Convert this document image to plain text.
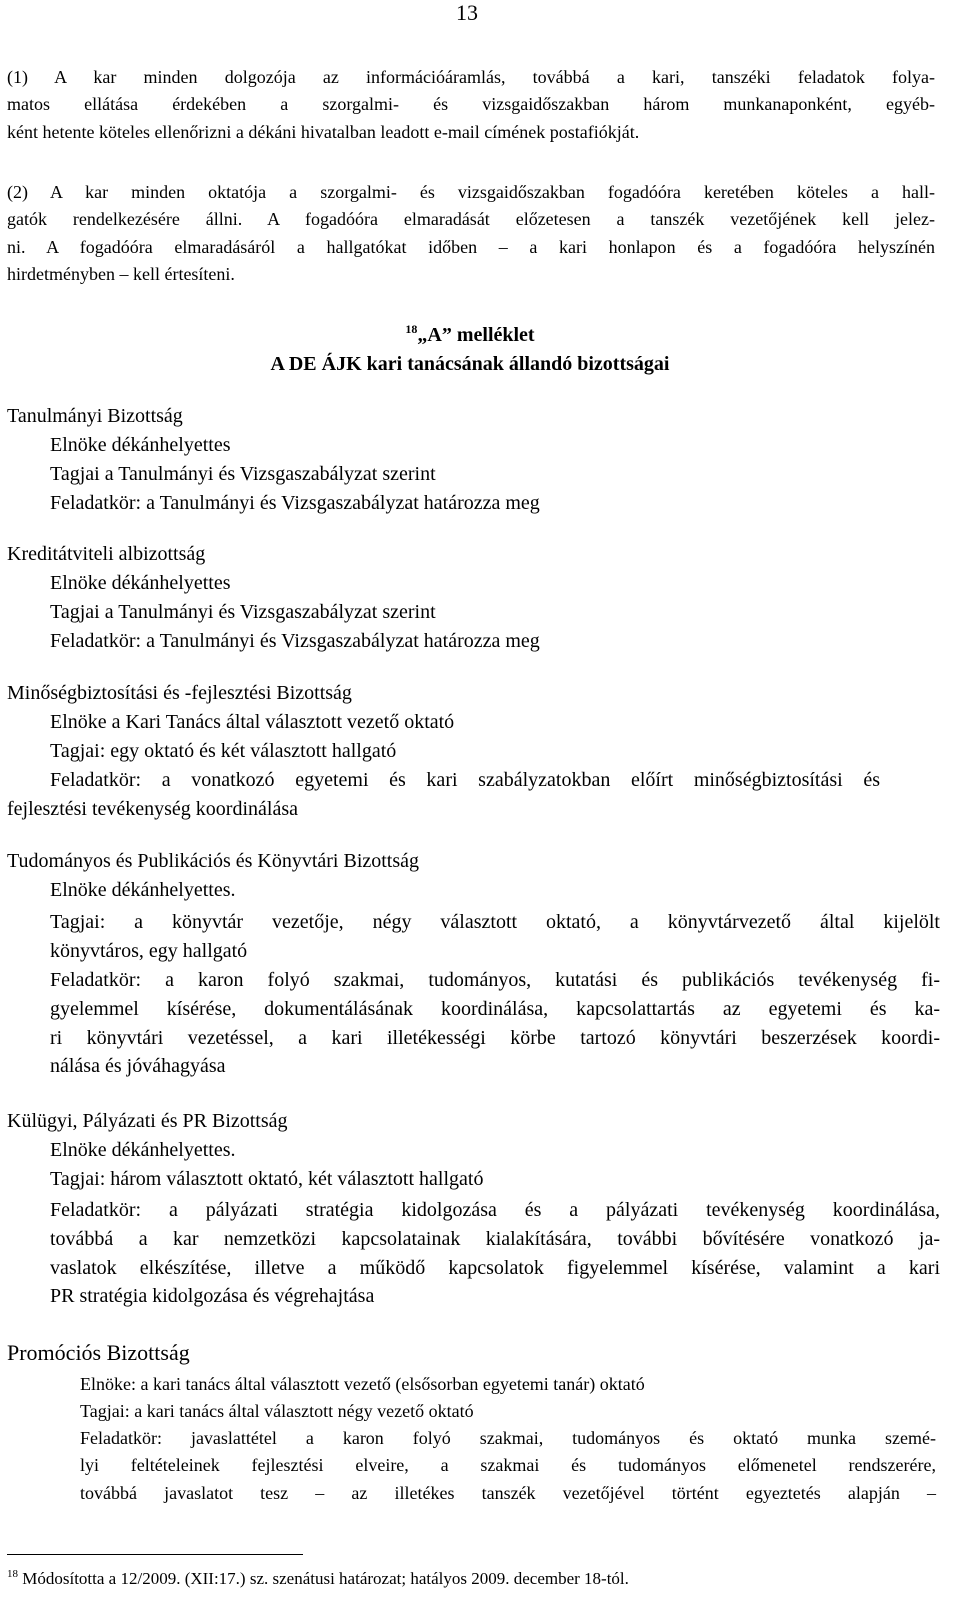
13
(1) A kar minden dolgozója az információáramlás, továbbá a kari, tanszéki feladatok folya-
matos ellátása érdekében a szorgalmi- és vizsgaidőszakban három munkanaponként, egyéb-
ként hetente köteles ellenőrizni a dékáni hivatalban leadott e-mail címének postafiókját.
(2) A kar minden oktatója a szorgalmi- és vizsgaidőszakban fogadóóra keretében köteles a hall-
gatók rendelkezésére állni. A fogadóóra elmaradását előzetesen a tanszék vezetőjének kell jelez-
ni. A fogadóóra elmaradásáról a hallgatókat időben – a kari honlapon és a fogadóóra helyszínén
hirdetményben – kell értesíteni.
$^{18}$„A” melléklet
A DE ÁJK kari tanácsának állandó bizottságai
Tanulmányi Bizottság
Elnöke dékánhelyettes
Tagjai a Tanulmányi és Vizsgaszabályzat szerint
Feladatkör: a Tanulmányi és Vizsgaszabályzat határozza meg
Kreditátviteli albizottság
Elnöke dékánhelyettes
Tagjai a Tanulmányi és Vizsgaszabályzat szerint
Feladatkör: a Tanulmányi és Vizsgaszabályzat határozza meg
Minőségbiztosítási és -fejlesztési Bizottság
Elnöke a Kari Tanács által választott vezető oktató
Tagjai: egy oktató és két választott hallgató
Feladatkör: a vonatkozó egyetemi és kari szabályzatokban előírt minőségbiztosítási és
fejlesztési tevékenység koordinálása
Tudományos és Publikációs és Könyvtári Bizottság
Elnöke dékánhelyettes.
Tagjai: a könyvtár vezetője, négy választott oktató, a könyvtárvezető által kijelölt
könyvtáros, egy hallgató
Feladatkör: a karon folyó szakmai, tudományos, kutatási és publikációs tevékenység fi-
gyelemmel kísérése, dokumentálásának koordinálása, kapcsolattartás az egyetemi és ka-
ri könyvtári vezetéssel, a kari illetékességi körbe tartozó könyvtári beszerzések koordi-
nálása és jóváhagyása
Külügyi, Pályázati és PR Bizottság
Elnöke dékánhelyettes.
Tagjai: három választott oktató, két választott hallgató
Feladatkör: a pályázati stratégia kidolgozása és a pályázati tevékenység koordinálása,
továbbá a kar nemzetközi kapcsolatainak kialakítására, további bővítésére vonatkozó ja-
vaslatok elkészítése, illetve a működő kapcsolatok figyelemmel kísérése, valamint a kari
PR stratégia kidolgozása és végrehajtása
Promóciós Bizottság
Elnöke: a kari tanács által választott vezető (elsősorban egyetemi tanár) oktató
Tagjai: a kari tanács által választott négy vezető oktató
Feladatkör: javaslattétel a karon folyó szakmai, tudományos és oktató munka szemé-
lyi feltételeinek fejlesztési elveire, a szakmai és tudományos előmenetel rendszerére,
továbbá javaslatot tesz – az illetékes tanszék vezetőjével történt egyeztetés alapján –
$^{18}$ Módosította a 12/2009. (XII:17.) sz. szenátusi határozat; hatályos 2009. december 18-tól.
